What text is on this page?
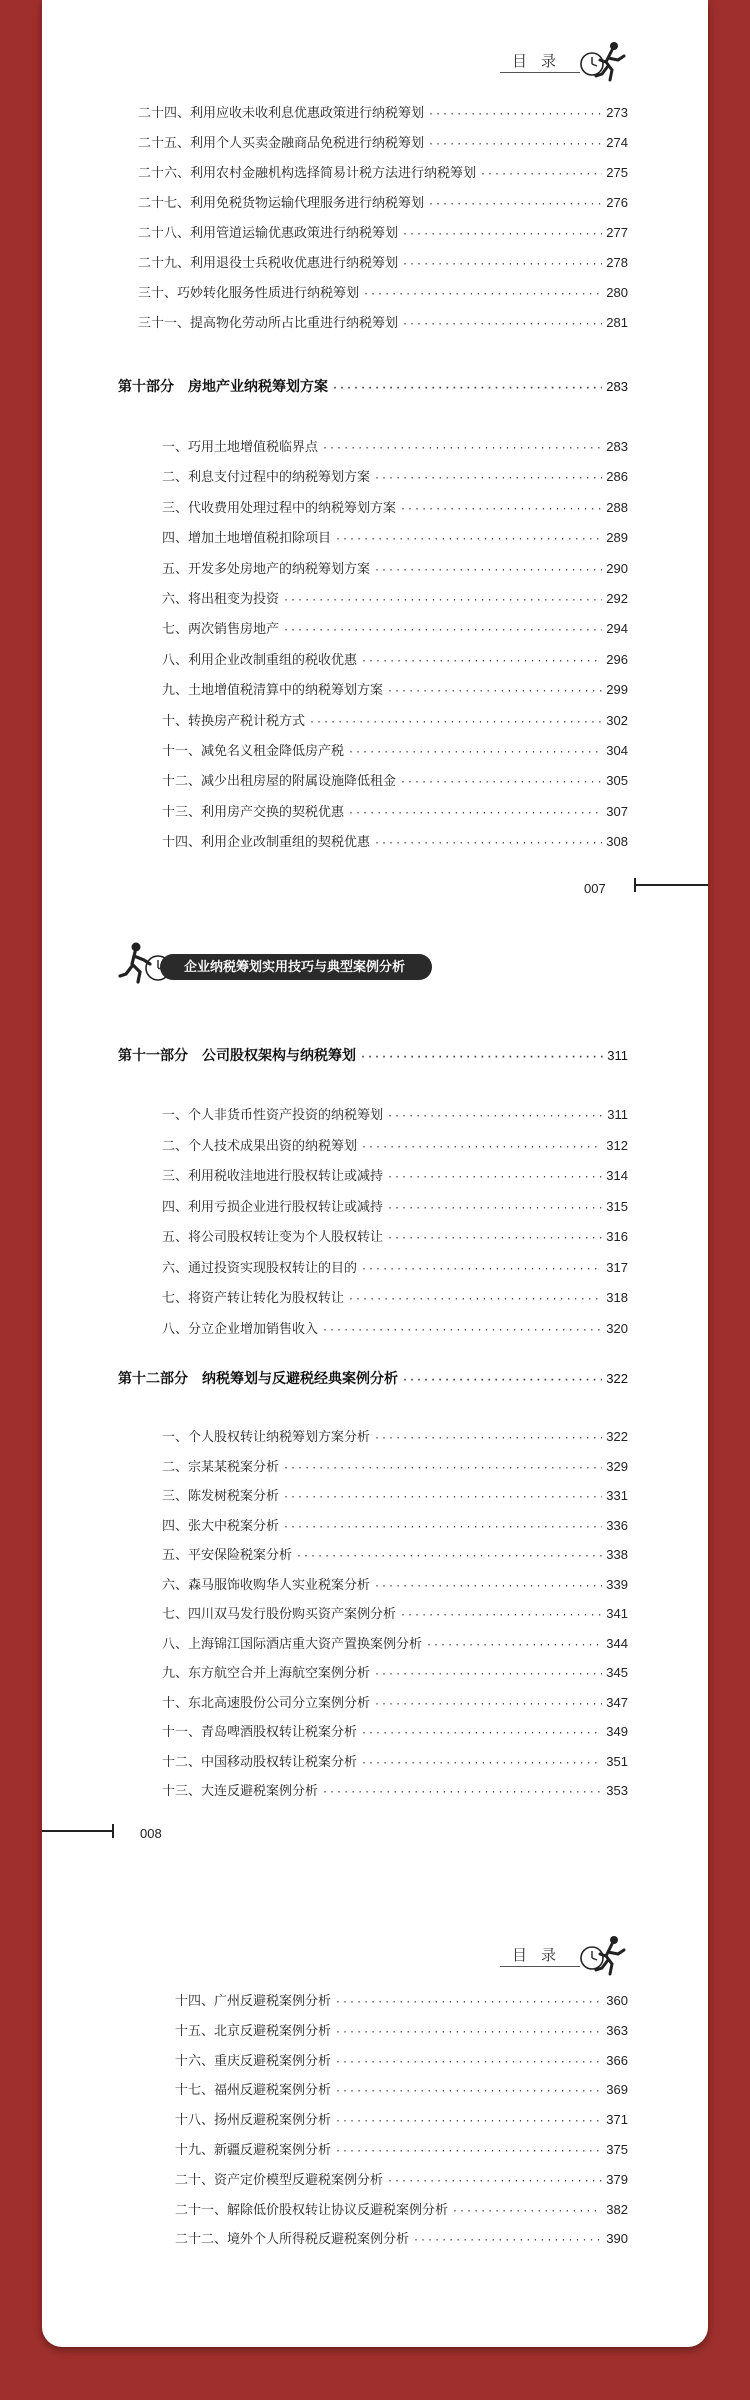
目录
二十四、利用应收未收利息优惠政策进行纳税筹划 ·····	273
二十五、利用个人买卖金融商品免税进行纳税筹划 ·····	274
二十六、利用农村金融机构选择简易计税方法进行纳税筹划 ·····	275
二十七、利用免税货物运输代理服务进行纳税筹划 ·····	276
二十八、利用管道运输优惠政策进行纳税筹划 ·····	277
二十九、利用退役士兵税收优惠进行纳税筹划 ·····	278
三十、巧妙转化服务性质进行纳税筹划 ·····	280
三十一、提高物化劳动所占比重进行纳税筹划 ·····	281
第十部分　房地产业纳税筹划方案 ·····	283
一、巧用土地增值税临界点 ·····	283
二、利息支付过程中的纳税筹划方案 ·····	286
三、代收费用处理过程中的纳税筹划方案 ·····	288
四、增加土地增值税扣除项目 ·····	289
五、开发多处房地产的纳税筹划方案 ·····	290
六、将出租变为投资 ·····	292
七、两次销售房地产 ·····	294
八、利用企业改制重组的税收优惠 ·····	296
九、土地增值税清算中的纳税筹划方案 ·····	299
十、转换房产税计税方式 ·····	302
十一、减免名义租金降低房产税 ·····	304
十二、减少出租房屋的附属设施降低租金 ·····	305
十三、利用房产交换的契税优惠 ·····	307
十四、利用企业改制重组的契税优惠 ·····	308
007
企业纳税筹划实用技巧与典型案例分析
第十一部分　公司股权架构与纳税筹划 ·····	311
一、个人非货币性资产投资的纳税筹划 ·····	311
二、个人技术成果出资的纳税筹划 ·····	312
三、利用税收洼地进行股权转让或减持 ·····	314
四、利用亏损企业进行股权转让或减持 ·····	315
五、将公司股权转让变为个人股权转让 ·····	316
六、通过投资实现股权转让的目的 ·····	317
七、将资产转让转化为股权转让 ·····	318
八、分立企业增加销售收入 ·····	320
第十二部分　纳税筹划与反避税经典案例分析 ·····	322
一、个人股权转让纳税筹划方案分析 ·····	322
二、宗某某税案分析 ·····	329
三、陈发树税案分析 ·····	331
四、张大中税案分析 ·····	336
五、平安保险税案分析 ·····	338
六、森马服饰收购华人实业税案分析 ·····	339
七、四川双马发行股份购买资产案例分析 ·····	341
八、上海锦江国际酒店重大资产置换案例分析 ·····	344
九、东方航空合并上海航空案例分析 ·····	345
十、东北高速股份公司分立案例分析 ·····	347
十一、青岛啤酒股权转让税案分析 ·····	349
十二、中国移动股权转让税案分析 ·····	351
十三、大连反避税案例分析 ·····	353
008
目录
十四、广州反避税案例分析 ·····	360
十五、北京反避税案例分析 ·····	363
十六、重庆反避税案例分析 ·····	366
十七、福州反避税案例分析 ·····	369
十八、扬州反避税案例分析 ·····	371
十九、新疆反避税案例分析 ·····	375
二十、资产定价模型反避税案例分析 ·····	379
二十一、解除低价股权转让协议反避税案例分析 ·····	382
二十二、境外个人所得税反避税案例分析 ·····	390
